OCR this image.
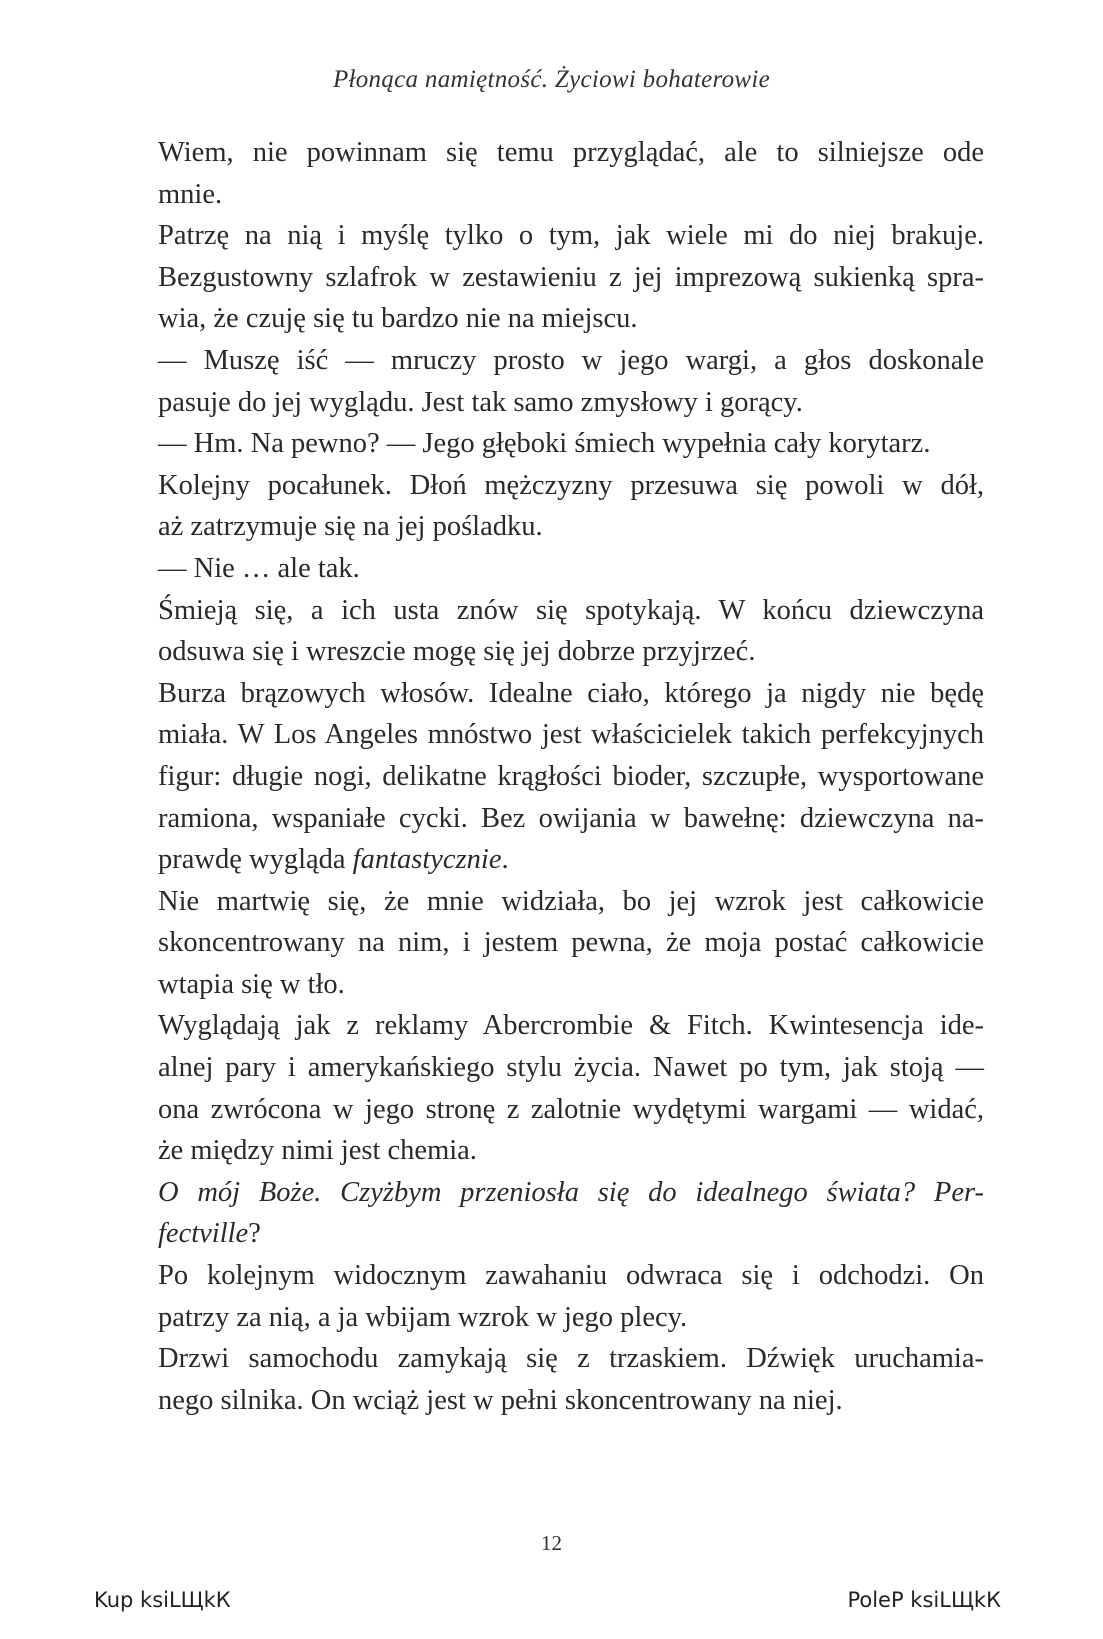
Płonąca namiętność. Życiowi bohaterowie

Wiem, nie powinnam się temu przyglądać, ale to silniejsze ode
mnie.

Patrzę na nią i myślę tylko o tym, jak wiele mi do niej brakuje.
Bezgustowny szlafrok w zestawieniu z jej imprezową sukienką spra-
wia, że czuję się tu bardzo nie na miejscu.

— Muszę iść — mruczy prosto w jego wargi, a głos doskonale
pasuje do jej wyglądu. Jest tak samo zmysłowy i gorący.

— Hm. Na pewno? — Jego głęboki śmiech wypełnia cały korytarz.

Kolejny pocałunek. Dłoń mężczyzny przesuwa się powoli w dół,
aż zatrzymuje się na jej pośladku.

— Nie … ale tak.

Śmieją się, a ich usta znów się spotykają. W końcu dziewczyna
odsuwa się i wreszcie mogę się jej dobrze przyjrzeć.

Burza brązowych włosów. Idealne ciało, którego ja nigdy nie będę
miała. W Los Angeles mnóstwo jest właścicielek takich perfekcyjnych
figur: długie nogi, delikatne krągłości bioder, szczupłe, wysportowane
ramiona, wspaniałe cycki. Bez owijania w bawełnę: dziewczyna na-
prawdę wygląda fantastycznie.

Nie martwię się, że mnie widziała, bo jej wzrok jest całkowicie
skoncentrowany na nim, i jestem pewna, że moja postać całkowicie
wtapia się w tło.

Wyglądają jak z reklamy Abercrombie & Fitch. Kwintesencja ide-
alnej pary i amerykańskiego stylu życia. Nawet po tym, jak stoją —
ona zwrócona w jego stronę z zalotnie wydętymi wargami — widać,
że między nimi jest chemia.

O mój Boże. Czyżbym przeniosła się do idealnego świata? Per-
fectville?

Po kolejnym widocznym zawahaniu odwraca się i odchodzi. On
patrzy za nią, a ja wbijam wzrok w jego plecy.

Drzwi samochodu zamykają się z trzaskiem. Dźwięk uruchamia-
nego silnika. On wciąż jest w pełni skoncentrowany na niej.

12
Kup ksiLЩkК	PoleР ksiLЩkК
